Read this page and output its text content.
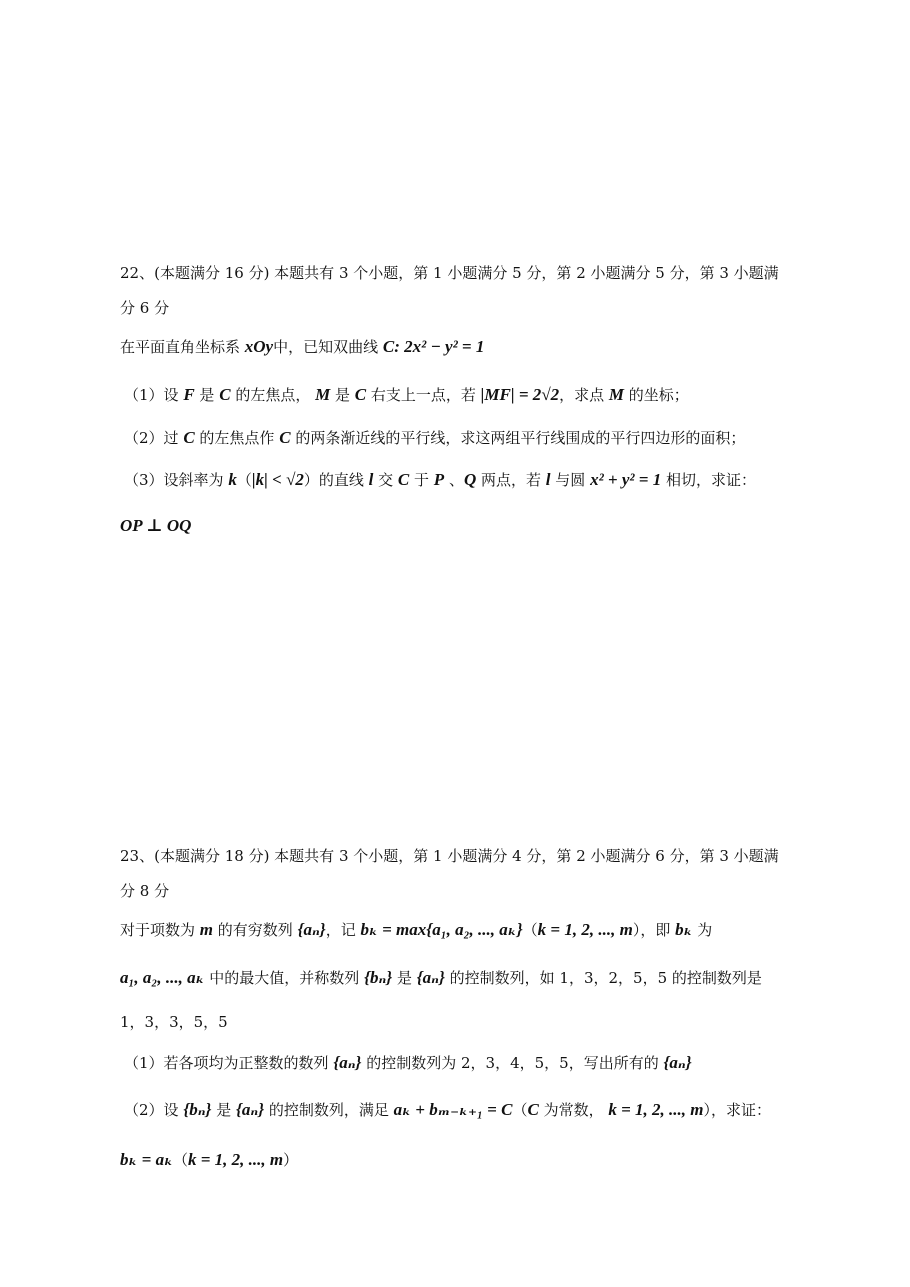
22、(本题满分 16 分) 本题共有 3 个小题，第 1 小题满分 5 分，第 2 小题满分 5 分，第 3 小题满
分 6 分
在平面直角坐标系 xOy中，已知双曲线 C: 2x² − y² = 1
（1）设 F 是 C 的左焦点， M 是 C 右支上一点，若 |MF| = 2√2，求点 M 的坐标；
（2）过 C 的左焦点作 C 的两条渐近线的平行线，求这两组平行线围成的平行四边形的面积；
（3）设斜率为 k（|k| < √2）的直线 l 交 C 于 P 、Q 两点，若 l 与圆 x² + y² = 1 相切，求证：
OP ⊥ OQ
23、(本题满分 18 分) 本题共有 3 个小题，第 1 小题满分 4 分，第 2 小题满分 6 分，第 3 小题满
分 8 分
对于项数为 m 的有穷数列 {aₙ}，记 bₖ = max{a₁, a₂, ..., aₖ}（k = 1, 2, ..., m），即 bₖ 为
a₁, a₂, ..., aₖ 中的最大值，并称数列 {bₙ} 是 {aₙ} 的控制数列，如 1，3，2，5，5 的控制数列是
1，3，3，5，5
（1）若各项均为正整数的数列 {aₙ} 的控制数列为 2，3，4，5，5，写出所有的 {aₙ}
（2）设 {bₙ} 是 {aₙ} 的控制数列，满足 aₖ + bₘ₋ₖ₊₁ = C（C 为常数， k = 1, 2, ..., m），求证：
bₖ = aₖ（k = 1, 2, ..., m）
